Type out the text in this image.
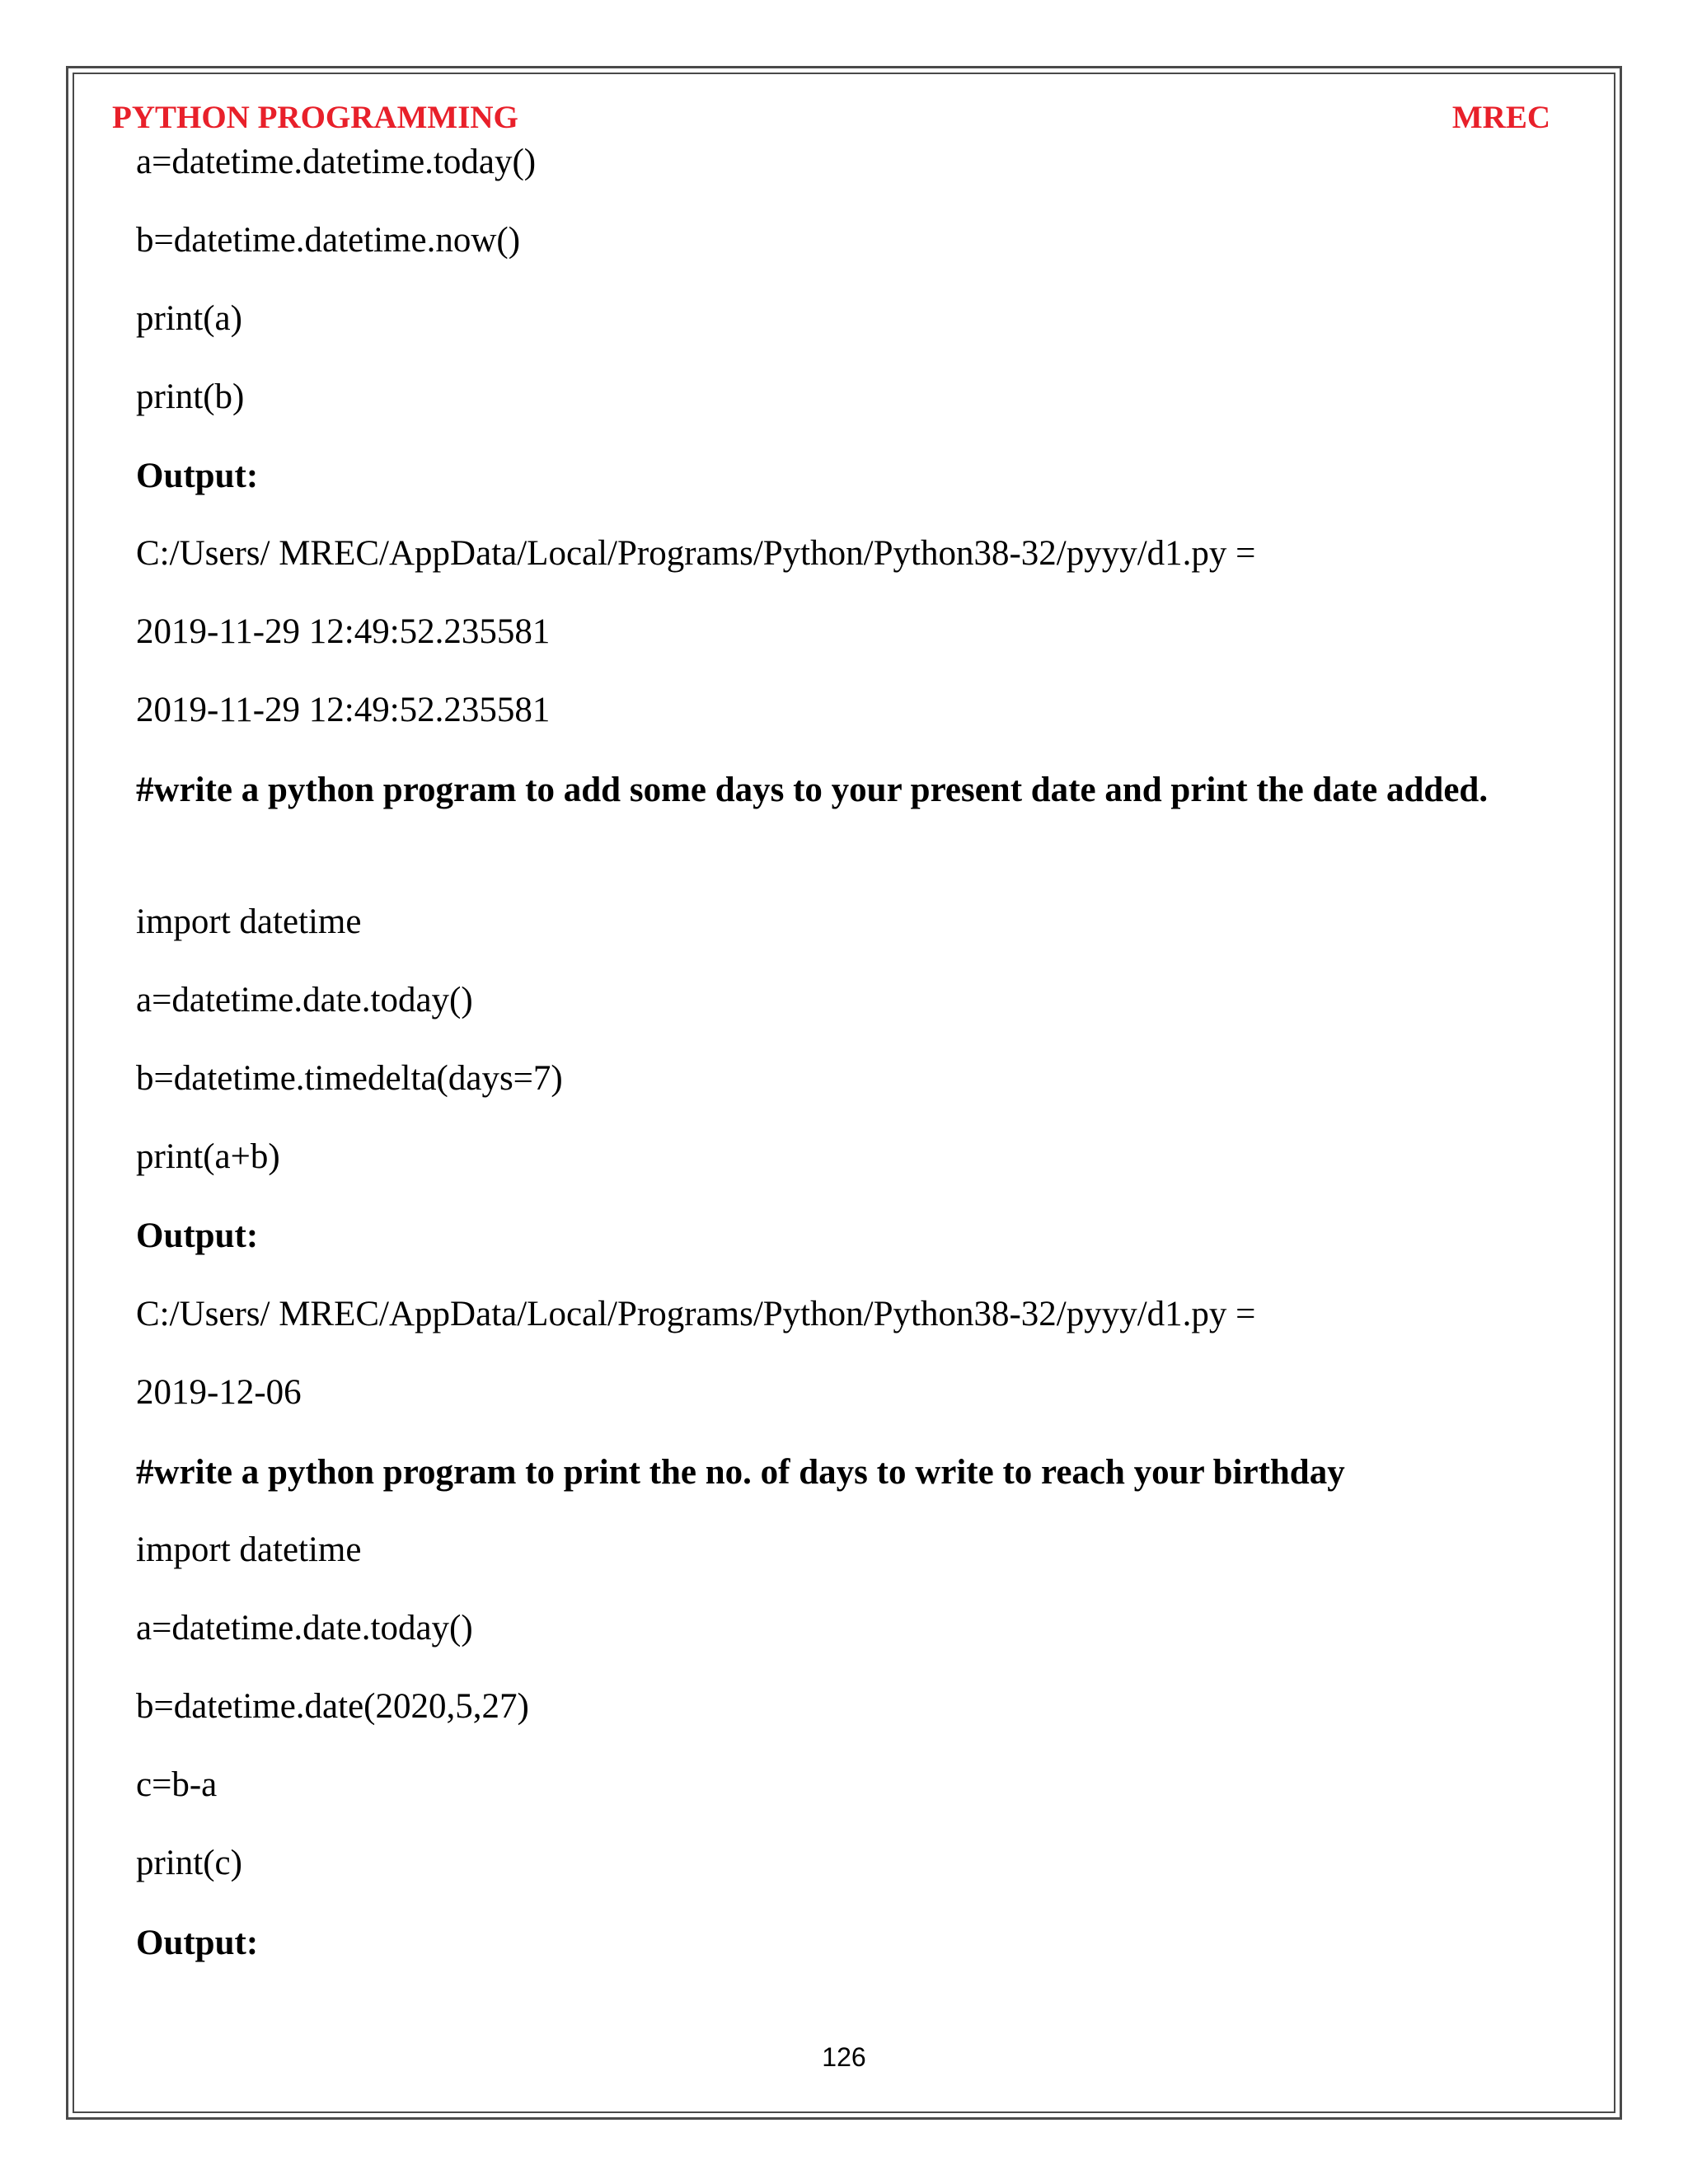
PYTHON PROGRAMMING	MREC
a=datetime.datetime.today()
b=datetime.datetime.now()
print(a)
print(b)
Output:
C:/Users/ MREC/AppData/Local/Programs/Python/Python38-32/pyyy/d1.py =
2019-11-29 12:49:52.235581
2019-11-29 12:49:52.235581
#write a python program to add some days to your present date and print the date added.
import datetime
a=datetime.date.today()
b=datetime.timedelta(days=7)
print(a+b)
Output:
C:/Users/ MREC/AppData/Local/Programs/Python/Python38-32/pyyy/d1.py =
2019-12-06
#write a python program to print the no. of days to write to reach your birthday
import datetime
a=datetime.date.today()
b=datetime.date(2020,5,27)
c=b-a
print(c)
Output:
126
